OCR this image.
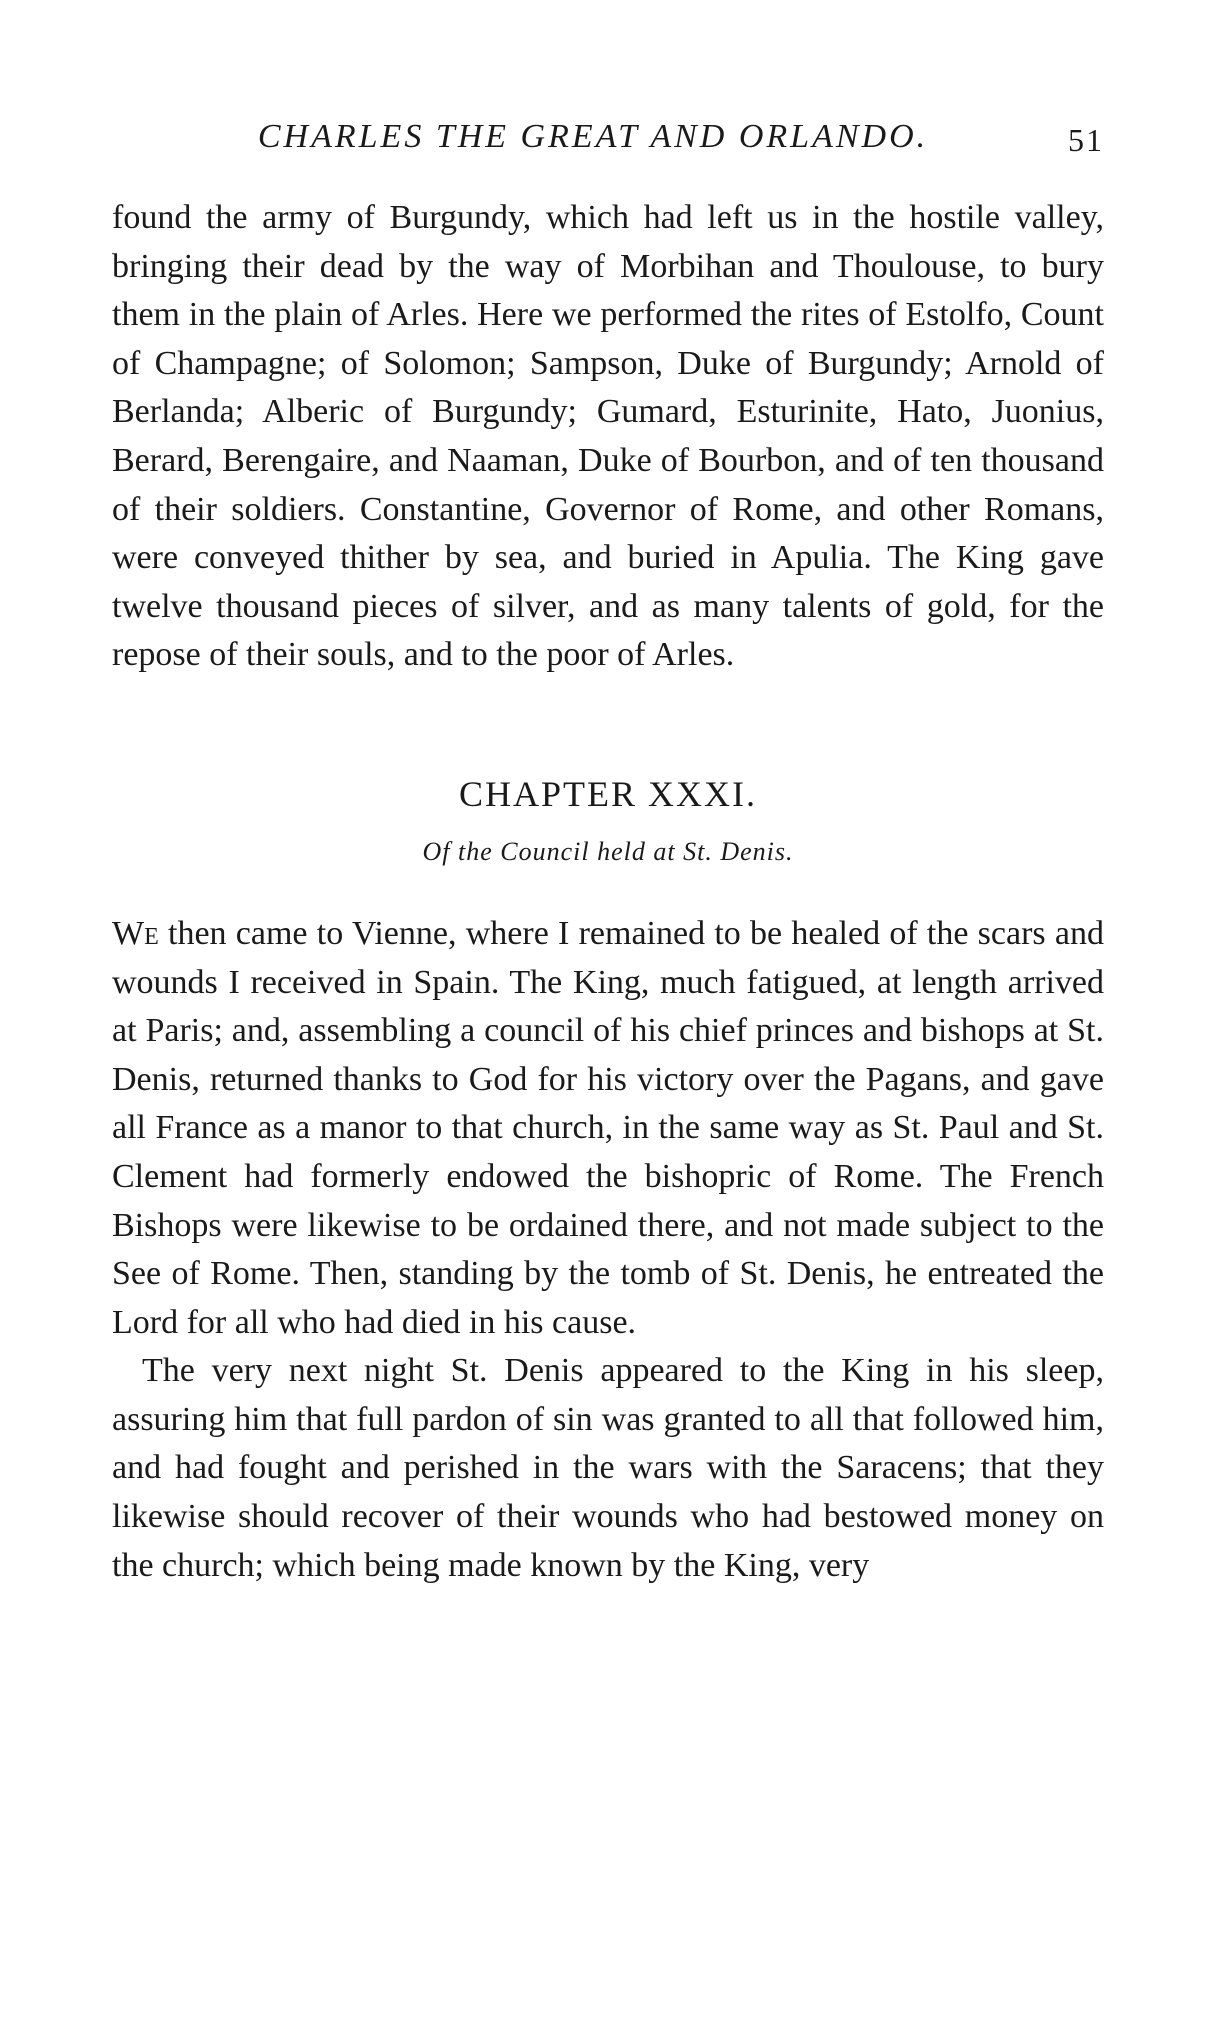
CHARLES THE GREAT AND ORLANDO.	51

found the army of Burgundy, which had left us in the hostile valley, bringing their dead by the way of Morbihan and Thoulouse, to bury them in the plain of Arles. Here we performed the rites of Estolfo, Count of Champagne; of Solomon; Sampson, Duke of Burgundy; Arnold of Berlanda; Alberic of Burgundy; Gumard, Esturinite, Hato, Juonius, Berard, Berengaire, and Naaman, Duke of Bourbon, and of ten thousand of their soldiers. Constantine, Governor of Rome, and other Romans, were conveyed thither by sea, and buried in Apulia. The King gave twelve thousand pieces of silver, and as many talents of gold, for the repose of their souls, and to the poor of Arles.

CHAPTER XXXI.
Of the Council held at St. Denis.

We then came to Vienne, where I remained to be healed of the scars and wounds I received in Spain. The King, much fatigued, at length arrived at Paris; and, assembling a council of his chief princes and bishops at St. Denis, returned thanks to God for his victory over the Pagans, and gave all France as a manor to that church, in the same way as St. Paul and St. Clement had formerly endowed the bishopric of Rome. The French Bishops were likewise to be ordained there, and not made subject to the See of Rome. Then, standing by the tomb of St. Denis, he entreated the Lord for all who had died in his cause.

The very next night St. Denis appeared to the King in his sleep, assuring him that full pardon of sin was granted to all that followed him, and had fought and perished in the wars with the Saracens; that they likewise should recover of their wounds who had bestowed money on the church; which being made known by the King, very
